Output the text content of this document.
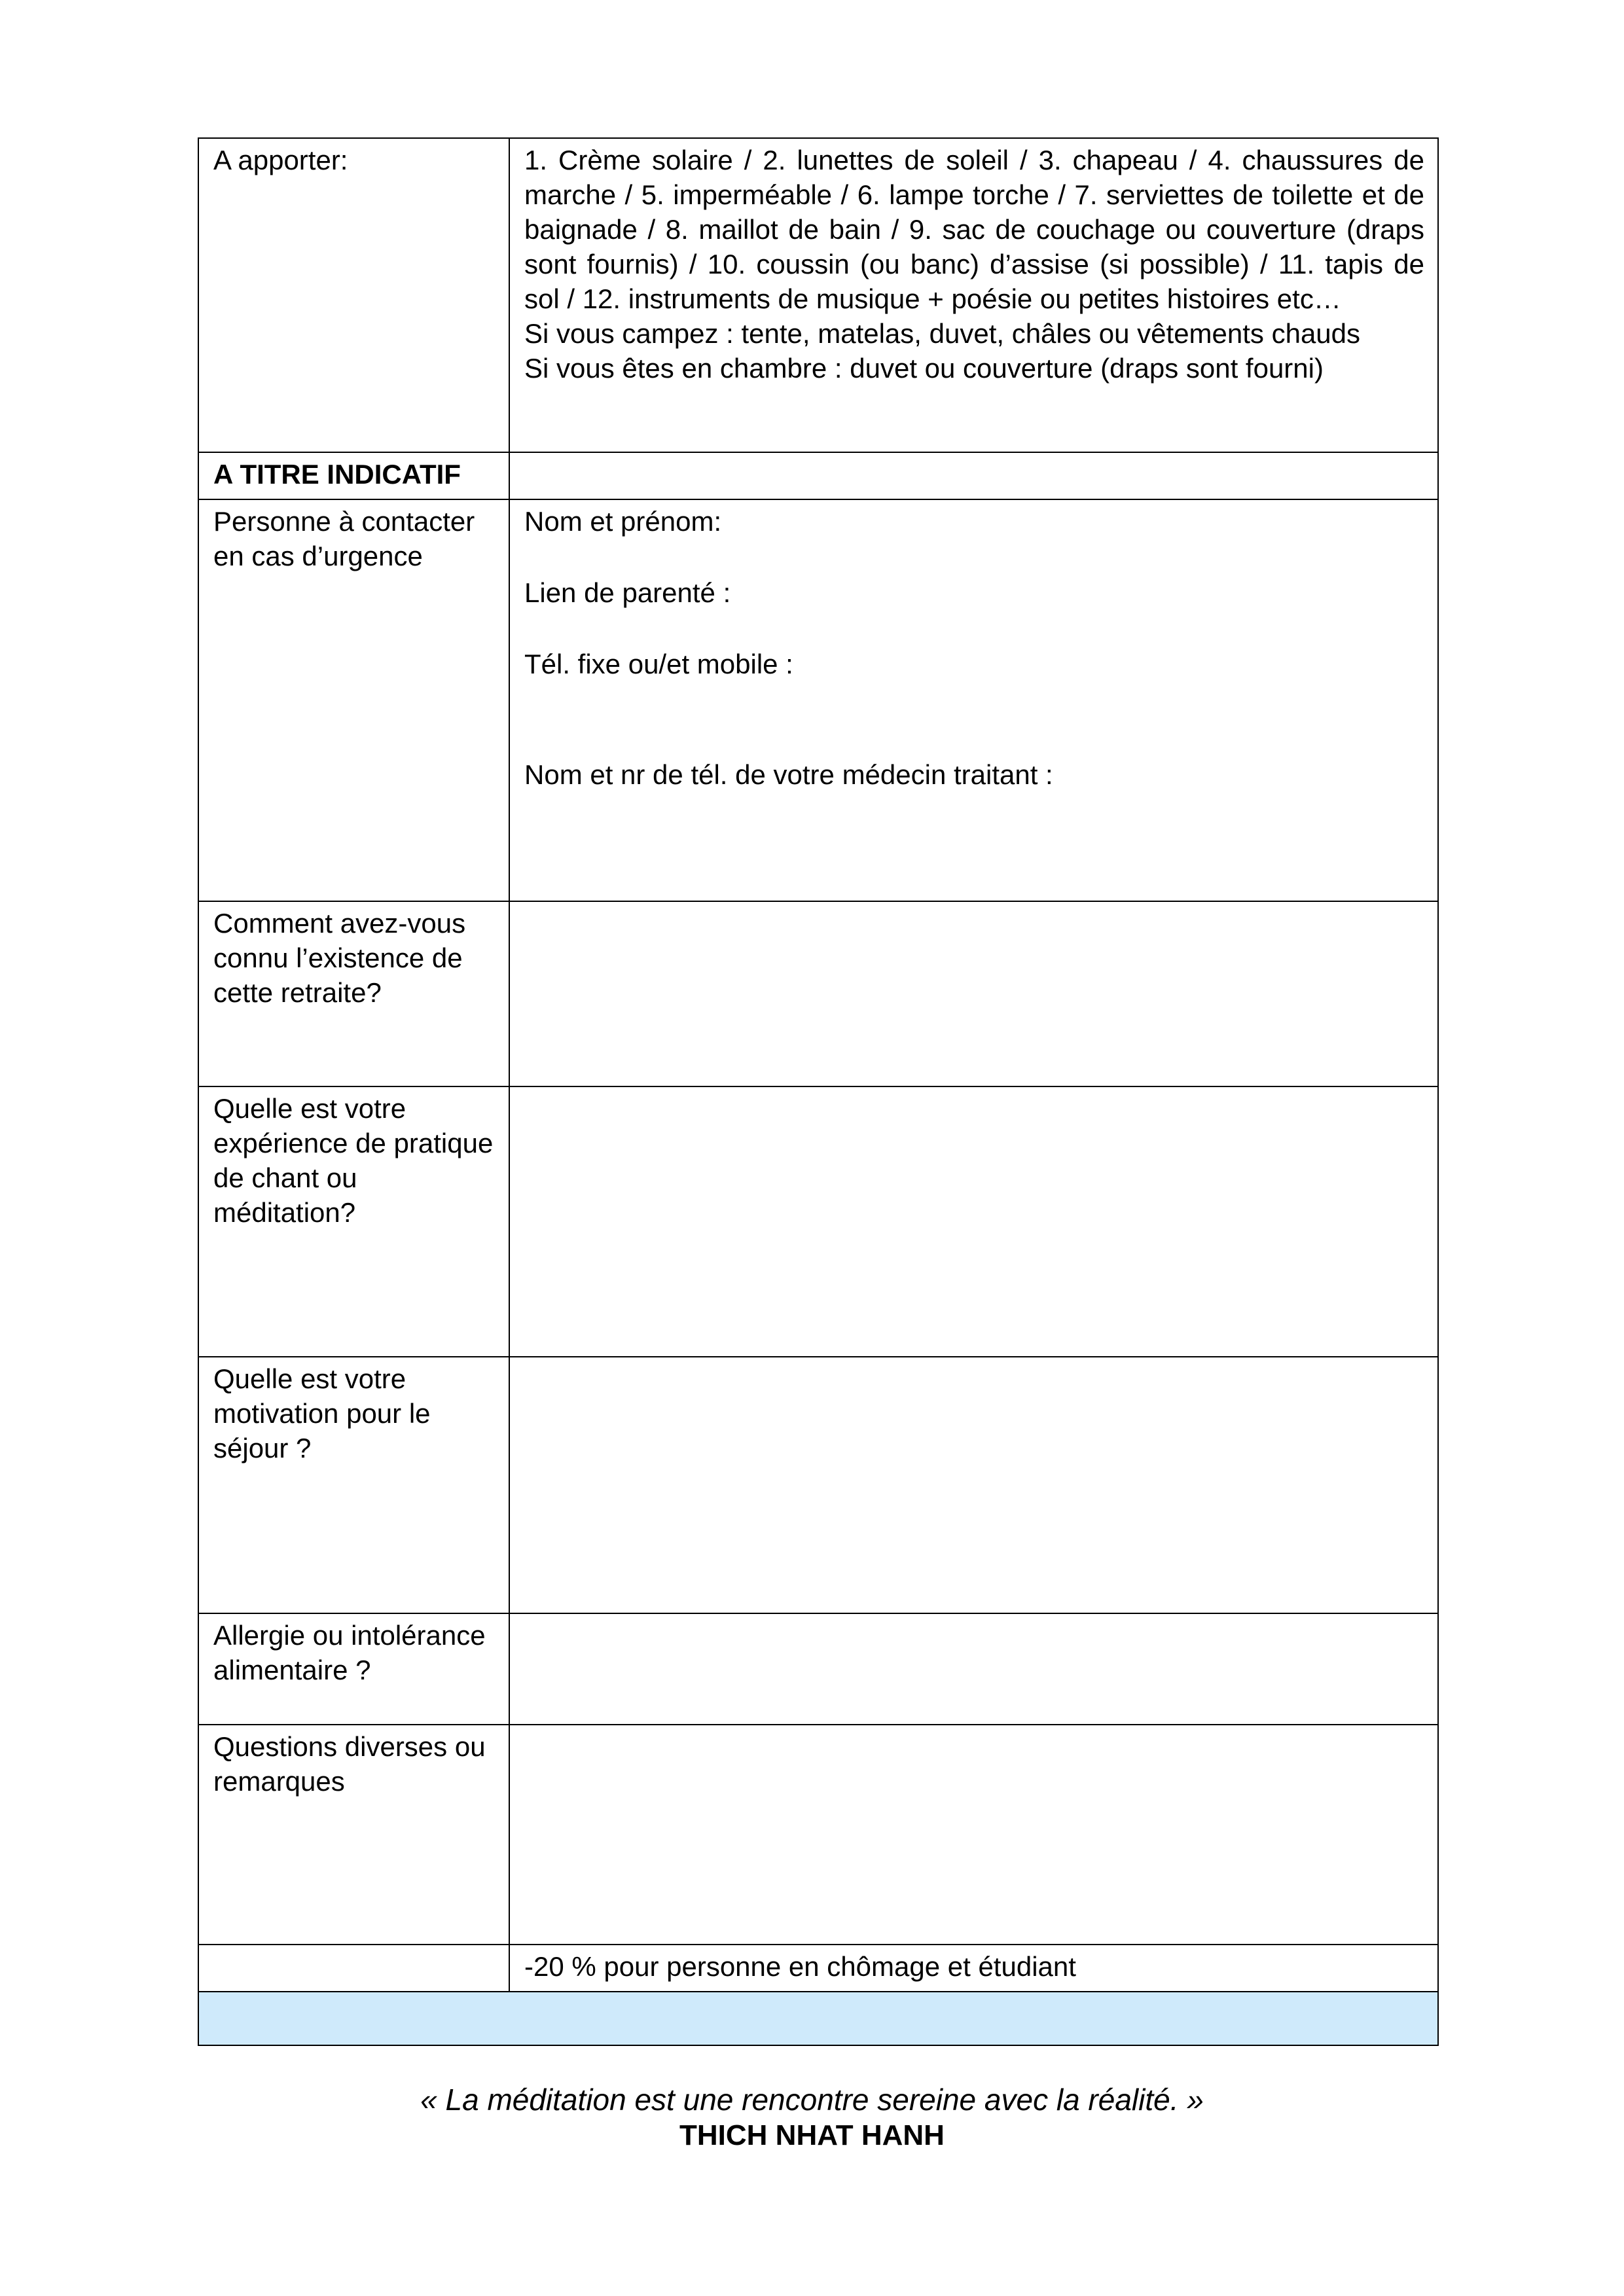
A apporter:	1. Crème solaire / 2. lunettes de soleil / 3. chapeau / 4. chaussures de marche / 5. imperméable / 6. lampe torche / 7. serviettes de toilette et de baignade / 8. maillot de bain / 9. sac de couchage ou couverture (draps sont fournis) / 10. coussin (ou banc) d’assise (si possible) / 11. tapis de sol / 12. instruments de musique + poésie ou petites histoires etc…
Si vous campez : tente, matelas, duvet, châles ou vêtements chauds
Si vous êtes en chambre : duvet ou couverture (draps sont fourni)

A TITRE INDICATIF	
Personne à contacter en cas d’urgence	Nom et prénom:
Lien de parenté :
Tél. fixe ou/et mobile :
Nom et nr de tél. de votre médecin traitant :

Comment avez-vous connu l’existence de cette retraite?	
Quelle est votre expérience de pratique de chant ou méditation?	
Quelle est votre motivation pour le séjour ?	
Allergie ou intolérance alimentaire ?	
Questions diverses ou remarques	
	-20 % pour personne en chômage et étudiant

« La méditation est une rencontre sereine avec la réalité. »
THICH NHAT HANH
